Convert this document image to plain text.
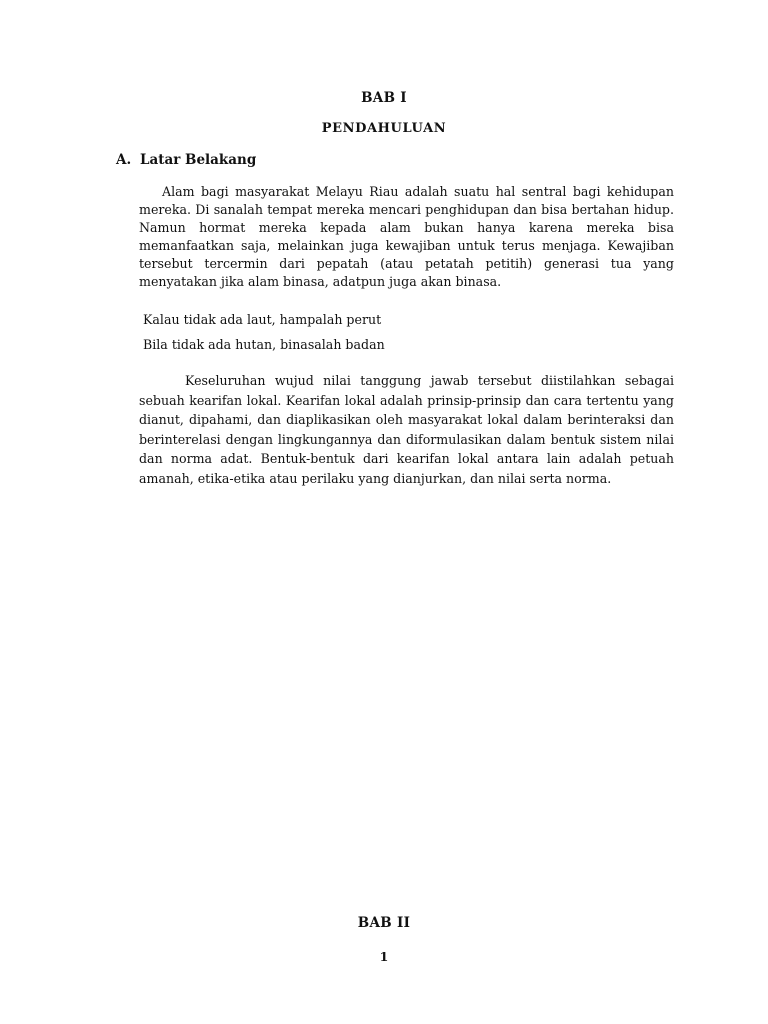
BAB I
PENDAHULUAN
A. Latar Belakang

Alam bagi masyarakat Melayu Riau adalah suatu hal sentral bagi kehidupan mereka. Di sanalah tempat mereka mencari penghidupan dan bisa bertahan hidup. Namun hormat mereka kepada alam bukan hanya karena mereka bisa memanfaatkan saja, melainkan juga kewajiban untuk terus menjaga. Kewajiban tersebut tercermin dari pepatah (atau petatah petitih) generasi tua yang menyatakan jika alam binasa, adatpun juga akan binasa.

Kalau tidak ada laut, hampalah perut
Bila tidak ada hutan, binasalah badan

Keseluruhan wujud nilai tanggung jawab tersebut diistilahkan sebagai sebuah kearifan lokal. Kearifan lokal adalah prinsip-prinsip dan cara tertentu yang dianut, dipahami, dan diaplikasikan oleh masyarakat lokal dalam berinteraksi dan berinterelasi dengan lingkungannya dan diformulasikan dalam bentuk sistem nilai dan norma adat. Bentuk-bentuk dari kearifan lokal antara lain adalah petuah amanah, etika-etika atau perilaku yang dianjurkan, dan nilai serta norma.

BAB II
1
